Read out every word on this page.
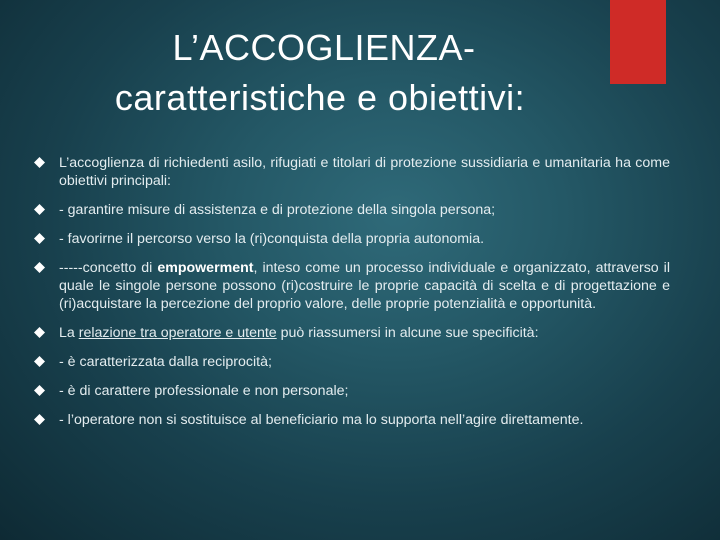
L’ACCOGLIENZA-
caratteristiche e obiettivi:
L’accoglienza di richiedenti asilo, rifugiati e titolari di protezione sussidiaria e umanitaria ha come obiettivi principali:
- garantire misure di assistenza e di protezione della singola persona;
- favorirne il percorso verso la (ri)conquista della propria autonomia.
-----concetto di empowerment, inteso come un processo individuale e organizzato, attraverso il quale le singole persone possono (ri)costruire le proprie capacità di scelta e di progettazione e (ri)acquistare la percezione del proprio valore, delle proprie potenzialità e opportunità.
La relazione tra operatore e utente può riassumersi in alcune sue specificità:
- è caratterizzata dalla reciprocità;
- è di carattere professionale e non personale;
- l’operatore non si sostituisce al beneficiario ma lo supporta nell’agire direttamente.
